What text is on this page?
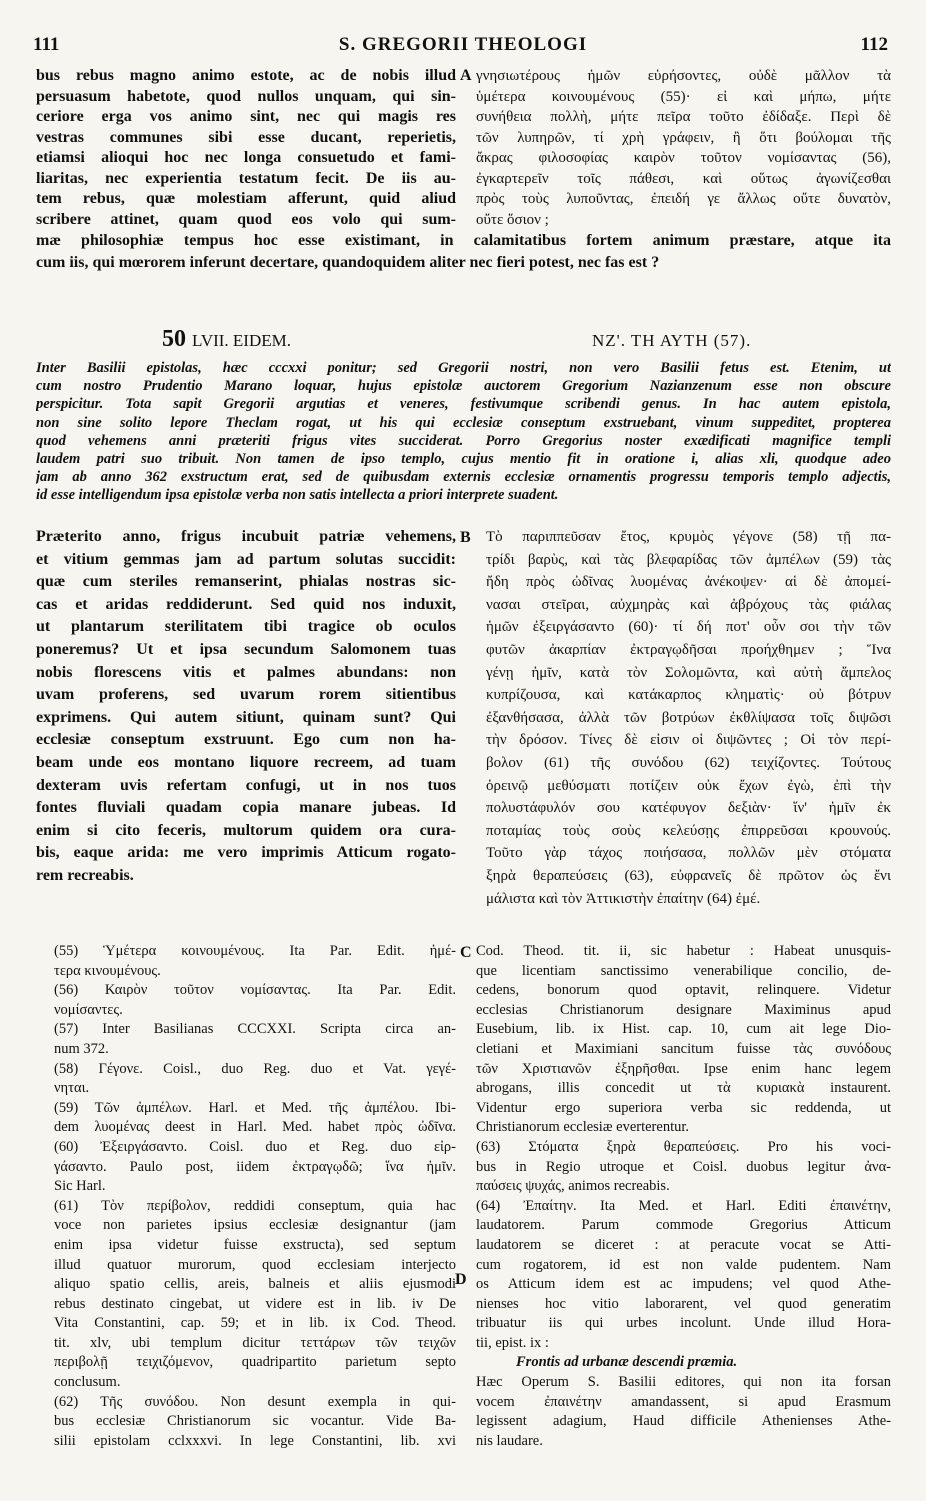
111	S. GREGORII THEOLOGI	112
bus rebus magno animo estote, ac de nobis illud
persuasum habetote, quod nullos unquam, qui sin-
ceriore erga vos animo sint, nec qui magis res
vestras communes sibi esse ducant, reperietis,
etiamsi alioqui hoc nec longa consuetudo et fami-
liaritas, nec experientia testatum fecit. De iis au-
tem rebus, quæ molestiam afferunt, quid aliud
scribere attinet, quam quod eos volo qui sum-
A γνησιωτέρους ἡμῶν εὑρήσοντες, οὐδὲ μᾶλλον τὰ
ὑμέτερα κοινουμένους (55)· εἰ καὶ μήπω, μήτε
συνήθεια πολλὴ, μήτε πεῖρα τοῦτο ἐδίδαξε. Περὶ δὲ
τῶν λυπηρῶν, τί χρὴ γράφειν, ἢ ὅτι βούλομαι τῆς
ἄκρας φιλοσοφίας καιρὸν τοῦτον νομίσαντας (56),
ἐγκαρτερεῖν τοῖς πάθεσι, καὶ οὕτως ἀγωνίζεσθαι
πρὸς τοὺς λυποῦντας, ἐπειδή γε ἄλλως οὔτε δυνατὸν,
οὔτε ὅσιον ;
mæ philosophiæ tempus hoc esse existimant, in calamitatibus fortem animum præstare, atque ita
cum iis, qui mœrorem inferunt decertare, quandoquidem aliter nec fieri potest, nec fas est ?
50 LVII. EIDEM.	ΝΖ'. ΤΗ ΑΥΤΗ (57).
Inter Basilii epistolas, hæc cccxxi ponitur; sed Gregorii nostri, non vero Basilii fetus est. Etenim, ut
cum nostro Prudentio Marano loquar, hujus epistolæ auctorem Gregorium Nazianzenum esse non obscure
perspicitur. Tota sapit Gregorii argutias et veneres, festivumque scribendi genus. In hac autem epistola,
non sine solito lepore Theclam rogat, ut his qui ecclesiæ conseptum exstruebant, vinum suppeditet, propterea
quod vehemens anni præteriti frigus vites succiderat. Porro Gregorius noster exædificati magnifice templi
laudem patri suo tribuit. Non tamen de ipso templo, cujus mentio fit in oratione i, alias xli, quodque adeo
jam ab anno 362 exstructum erat, sed de quibusdam externis ecclesiæ ornamentis progressu temporis templo adjectis,
id esse intelligendum ipsa epistolæ verba non satis intellecta a priori interprete suadent.
Præterito anno, frigus incubuit patriæ vehemens,
et vitium gemmas jam ad partum solutas succidit:
quæ cum steriles remanserint, phialas nostras sic-
cas et aridas reddiderunt. Sed quid nos induxit,
ut plantarum sterilitatem tibi tragice ob oculos
poneremus? Ut et ipsa secundum Salomonem tuas
nobis florescens vitis et palmes abundans: non
uvam proferens, sed uvarum rorem sitientibus
exprimens. Qui autem sitiunt, quinam sunt? Qui
ecclesiæ conseptum exstruunt. Ego cum non ha-
beam unde eos montano liquore recreem, ad tuam
dexteram uvis refertam confugi, ut in nos tuos
fontes fluviali quadam copia manare jubeas. Id
enim si cito feceris, multorum quidem ora cura-
bis, eaque arida: me vero imprimis Atticum rogato-
rem recreabis.
B Τὸ παριππεῦσαν ἔτος, κρυμὸς γέγονε (58) τῇ πα-
τρίδι βαρὺς, καὶ τὰς βλεφαρίδας τῶν ἀμπέλων (59) τὰς
ἤδη πρὸς ὠδῖνας λυομένας ἀνέκοψεν· αἱ δὲ ἀπομεί-
νασαι στεῖραι, αὐχμηρὰς καὶ ἀβρόχους τὰς φιάλας
ἡμῶν ἐξειργάσαντο (60)· τί δή ποτ' οὖν σοι τὴν τῶν
φυτῶν ἀκαρπίαν ἐκτραγῳδῆσαι προήχθημεν ; Ἵνα
γένῃ ἡμῖν, κατὰ τὸν Σολομῶντα, καὶ αὐτὴ ἄμπελος
κυπρίζουσα, καὶ κατάκαρπος κληματὶς· οὐ βότρυν
ἐξανθήσασα, ἀλλὰ τῶν βοτρύων ἐκθλίψασα τοῖς διψῶσι
τὴν δρόσον. Τίνες δὲ εἰσιν οἱ διψῶντες ; Οἱ τὸν περί-
βολον (61) τῆς συνόδου (62) τειχίζοντες. Τούτους
ὀρεινῷ μεθύσματι ποτίζειν οὐκ ἔχων ἐγὼ, ἐπὶ τὴν
πολυστάφυλόν σου κατέφυγον δεξιὰν· ἵν' ἡμῖν ἐκ
ποταμίας τοὺς σοὺς κελεύσῃς ἐπιρρεῦσαι κρουνούς.
Τοῦτο γὰρ τάχος ποιήσασα, πολλῶν μὲν στόματα
ξηρὰ θεραπεύσεις (63), εὐφρανεῖς δὲ πρῶτον ὡς ἔνι
μάλιστα καὶ τὸν Ἀττικιστὴν ἐπαίτην (64) ἐμέ.
(55) Ὑμέτερα κοινουμένους. Ita Par. Edit. ἡμέ-
τερα κινουμένους.
(56) Καιρὸν τοῦτον νομίσαντας. Ita Par. Edit.
νομίσαντες.
(57) Inter Basilianas CCCXXI. Scripta circa an-
num 372.
(58) Γέγονε. Coisl., duo Reg. duo et Vat. γεγέ-
νηται.
(59) Τῶν ἀμπέλων. Harl. et Med. τῆς ἀμπέλου. Ibi-
dem λυομένας deest in Harl. Med. habet πρὸς ὠδῖνα.
(60) Ἐξειργάσαντο. Coisl. duo et Reg. duo εἰρ-
γάσαντο. Paulo post, iidem ἐκτραγῳδῶ; ἵνα ἡμῖν.
Sic Harl.
(61) Τὸν περίβολον, reddidi conseptum, quia hac
voce non parietes ipsius ecclesiæ designantur (jam
enim ipsa videtur fuisse exstructa), sed septum
illud quatuor murorum, quod ecclesiam interjecto
aliquo spatio cellis, areis, balneis et aliis ejusmodi
rebus destinato cingebat, ut videre est in lib. iv De
Vita Constantini, cap. 59; et in lib. ix Cod. Theod.
tit. xlv, ubi templum dicitur τεττάρων τῶν τειχῶν
περιβολῇ τειχιζόμενον, quadripartito parietum septo
conclusum.
(62) Τῆς συνόδου. Non desunt exempla in qui-
bus ecclesiæ Christianorum sic vocantur. Vide Ba-
silii epistolam cclxxxvi. In lege Constantini, lib. xvi
C
D
Cod. Theod. tit. ii, sic habetur : Habeat unusquis-
que licentiam sanctissimo venerabilique concilio, de-
cedens, bonorum quod optavit, relinquere. Videtur
ecclesias Christianorum designare Maximinus apud
Eusebium, lib. ix Hist. cap. 10, cum ait lege Dio-
cletiani et Maximiani sancitum fuisse τὰς συνόδους
τῶν Χριστιανῶν ἐξηρῆσθαι. Ipse enim hanc legem
abrogans, illis concedit ut τὰ κυριακὰ instaurent.
Videntur ergo superiora verba sic reddenda, ut
Christianorum ecclesiæ everterentur.
(63) Στόματα ξηρὰ θεραπεύσεις. Pro his voci-
bus in Regio utroque et Coisl. duobus legitur ἀνα-
παύσεις ψυχάς, animos recreabis.
(64) Ἐπαίτην. Ita Med. et Harl. Editi ἐπαινέτην,
laudatorem. Parum commode Gregorius Atticum
laudatorem se diceret : at peracute vocat se Atti-
cum rogatorem, id est non valde pudentem. Nam
os Atticum idem est ac impudens; vel quod Athe-
nienses hoc vitio laborarent, vel quod generatim
tribuatur iis qui urbes incolunt. Unde illud Hora-
tii, epist. ix :
Frontis ad urbanæ descendi præmia.
Hæc Operum S. Basilii editores, qui non ita forsan
vocem ἐπαινέτην amandassent, si apud Erasmum
legissent adagium, Haud difficile Athenienses Athe-
nis laudare.
